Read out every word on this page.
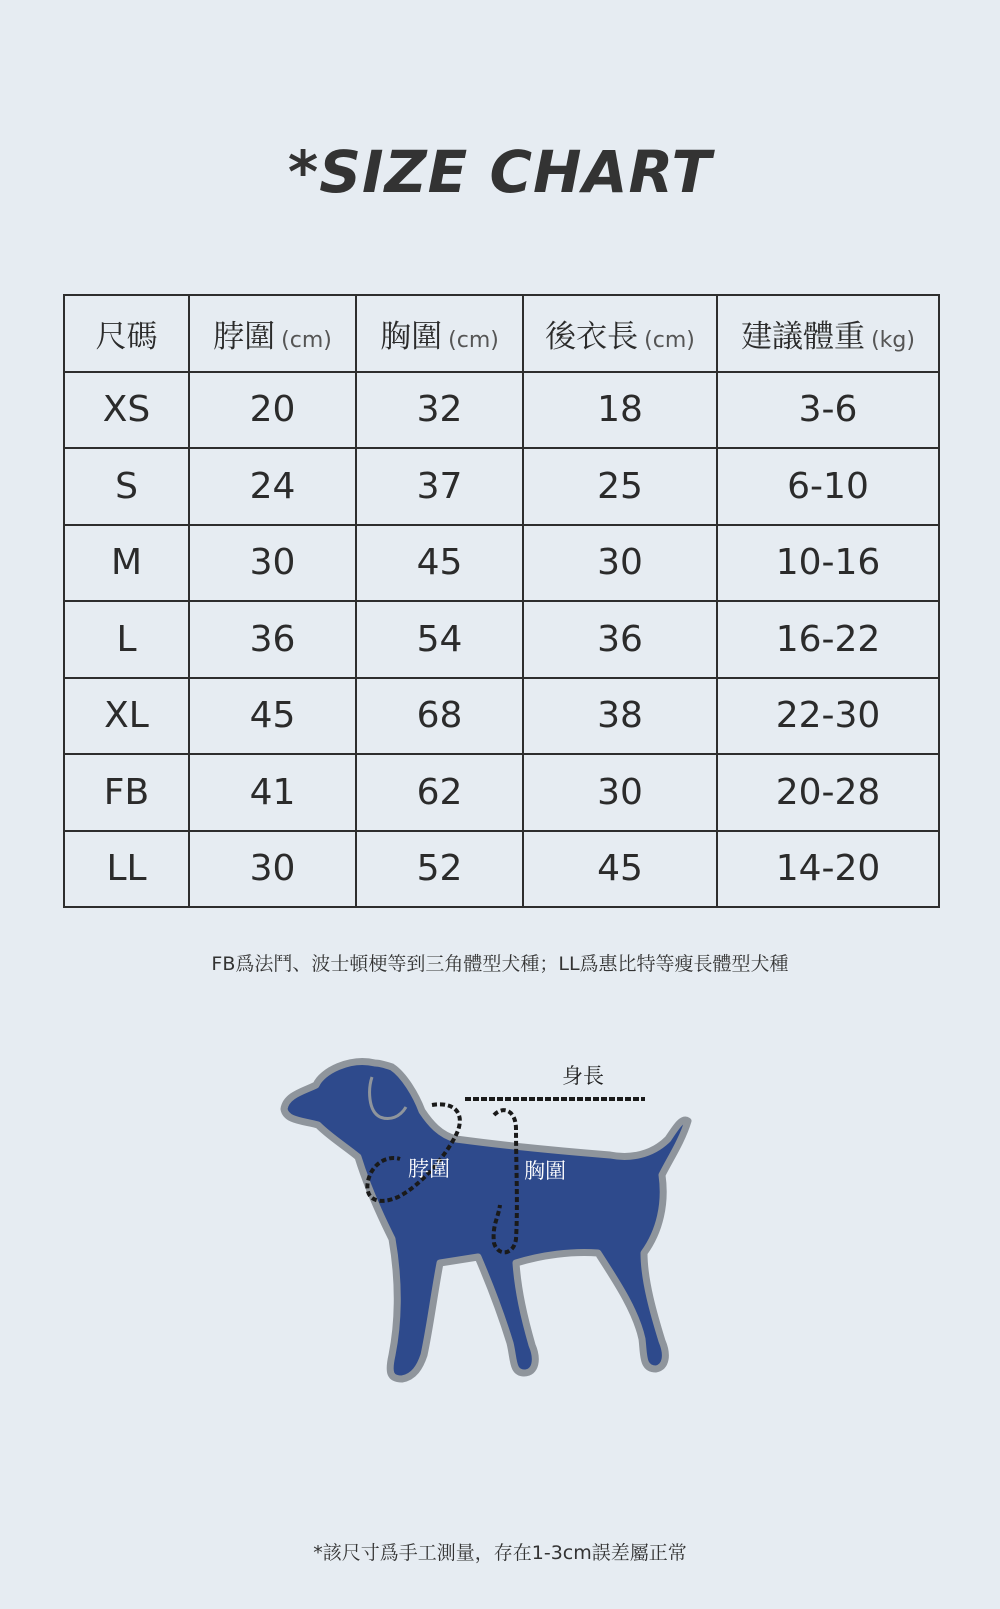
*SIZE CHART
尺碼	脖圍 (cm)	胸圍 (cm)	後衣長 (cm)	建議體重 (kg)
XS	20	32	18	3-6
S	24	37	25	6-10
M	30	45	30	10-16
L	36	54	36	16-22
XL	45	68	38	22-30
FB	41	62	30	20-28
LL	30	52	45	14-20
FB爲法鬥、波士頓梗等到三角體型犬種；LL爲惠比特等瘦長體型犬種
身長
脖圍	胸圍
*該尺寸爲手工測量，存在1-3cm誤差屬正常
